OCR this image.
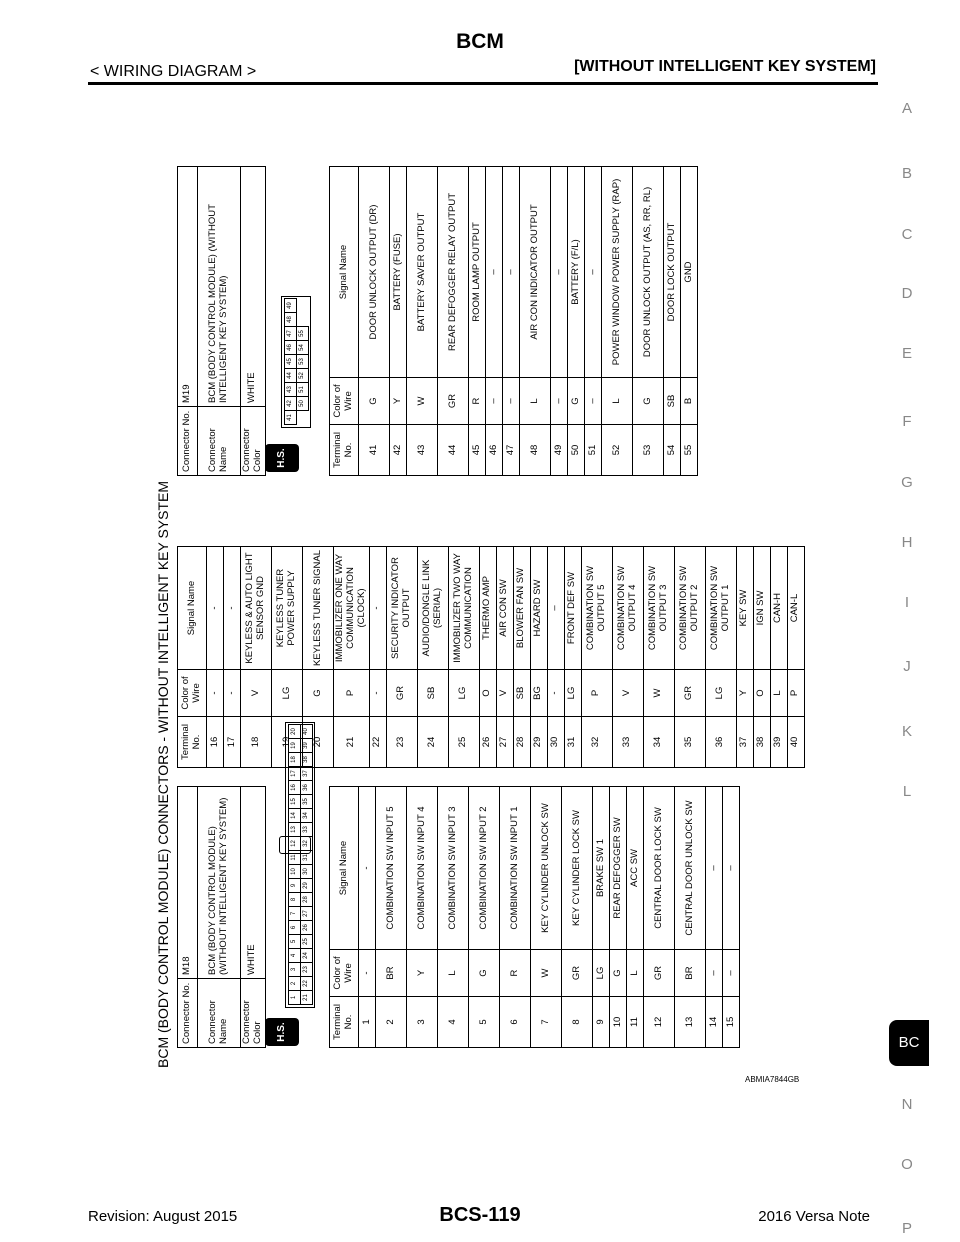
BCM
< WIRING DIAGRAM >	[WITHOUT INTELLIGENT KEY SYSTEM]
A
B
C
D
E
F
G
H
I
J
K
L
BC
N
O
P
BCM (BODY CONTROL MODULE) CONNECTORS - WITHOUT INTELLIGENT KEY SYSTEM Connector No.	M18
Connector Name	BCM (BODY CONTROL MODULE) (WITHOUT INTELLIGENT KEY SYSTEM)
Connector Color	WHITE
H.S.
1
2
3
4
5
6
7
8
9
10
11
12
13
14
15
16
17
18
19
20
21
22
23
24
25
26
27
28
29
30
31
32
33
34
35
36
37
38
39
40
Terminal No.	Color of Wire	Signal Name
1	-	-
2	BR	COMBINATION SW INPUT 5
3	Y	COMBINATION SW INPUT 4
4	L	COMBINATION SW INPUT 3
5	G	COMBINATION SW INPUT 2
6	R	COMBINATION SW INPUT 1
7	W	KEY CYLINDER UNLOCK SW
8	GR	KEY CYLINDER LOCK SW
9	LG	BRAKE SW 1
10	G	REAR DEFOGGER SW
11	L	ACC SW
12	GR	CENTRAL DOOR LOCK SW
13	BR	CENTRAL DOOR UNLOCK SW
14	–	–
15	–	–
Terminal No.	Color of Wire	Signal Name
16	-	-
17	-	-
18	V	KEYLESS & AUTO LIGHT SENSOR GND
19	LG	KEYLESS TUNER POWER SUPPLY
20	G	KEYLESS TUNER SIGNAL
21	P	IMMOBILIZER ONE WAY COMMUNICATION (CLOCK)
22	-	-
23	GR	SECURITY INDICATOR OUTPUT
24	SB	AUDIO/DONGLE LINK (SERIAL)
25	LG	IMMOBILIZER TWO WAY COMMUNICATION
26	O	THERMO AMP
27	V	AIR CON SW
28	SB	BLOWER FAN SW
29	BG	HAZARD SW
30	-	–
31	LG	FRONT DEF SW
32	P	COMBINATION SW OUTPUT 5
33	V	COMBINATION SW OUTPUT 4
34	W	COMBINATION SW OUTPUT 3
35	GR	COMBINATION SW OUTPUT 2
36	LG	COMBINATION SW OUTPUT 1
37	Y	KEY SW
38	O	IGN SW
39	L	CAN-H
40	P	CAN-L
Connector No.	M19
Connector Name	BCM (BODY CONTROL MODULE) (WITHOUT INTELLIGENT KEY SYSTEM)
Connector Color	WHITE
H.S.
41
42
43
44
45
46
47
48
49
50
51
52
53
54
55
Terminal No.	Color of Wire	Signal Name
41	G	DOOR UNLOCK OUTPUT (DR)
42	Y	BATTERY (FUSE)
43	W	BATTERY SAVER OUTPUT
44	GR	REAR DEFOGGER RELAY OUTPUT
45	R	ROOM LAMP OUTPUT
46	–	–
47	–	–
48	L	AIR CON INDICATOR OUTPUT
49	–	–
50	G	BATTERY (F/L)
51	–	–
52	L	POWER WINDOW POWER SUPPLY (RAP)
53	G	DOOR UNLOCK OUTPUT (AS, RR, RL)
54	SB	DOOR LOCK OUTPUT
55	B	GND
ABMIA7844GB
Revision: August 2015	BCS-119	2016 Versa Note
